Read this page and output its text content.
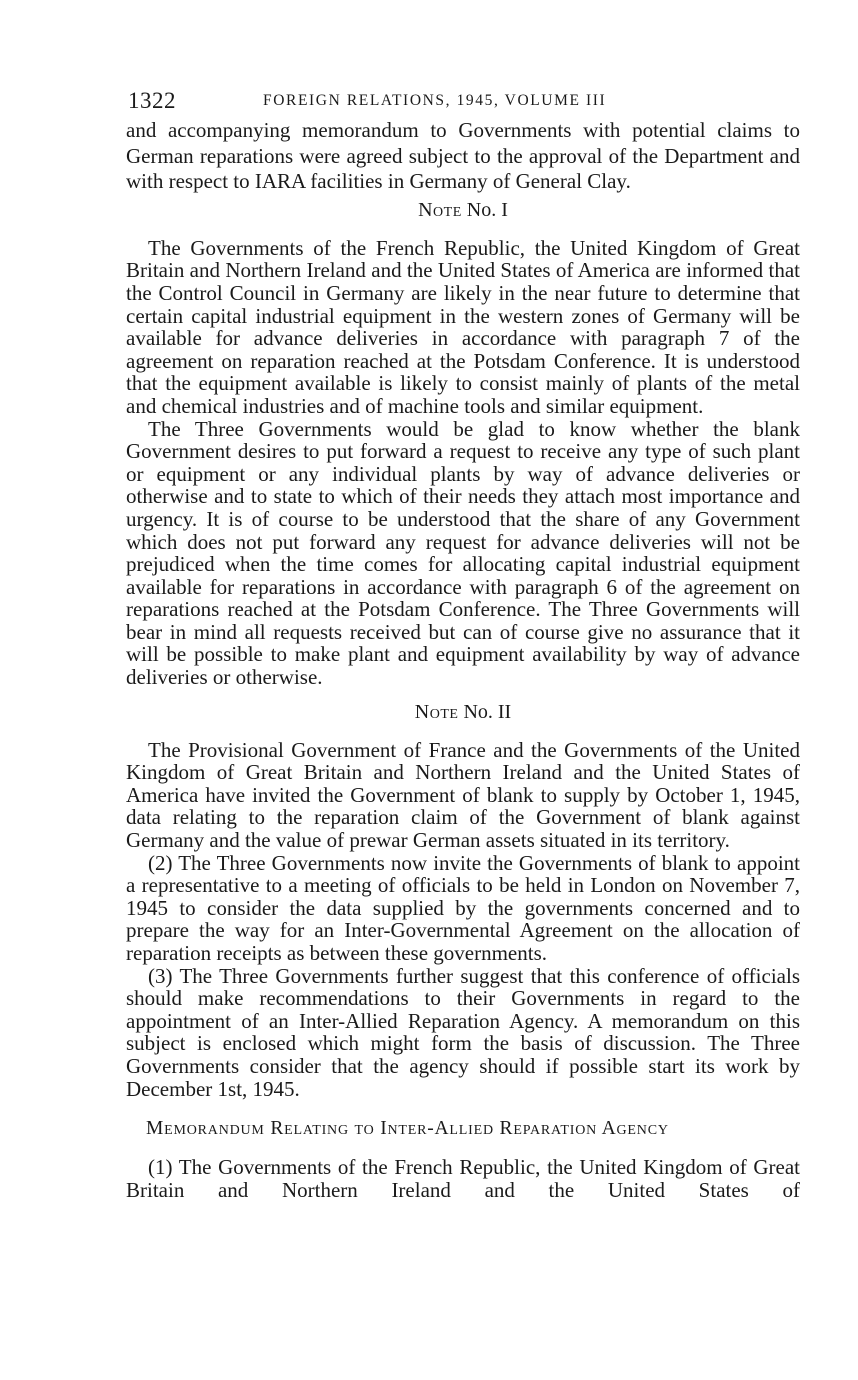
1322	FOREIGN RELATIONS, 1945, VOLUME III

and accompanying memorandum to Governments with potential claims to German reparations were agreed subject to the approval of the Department and with respect to IARA facilities in Germany of General Clay.

Note No. I

The Governments of the French Republic, the United Kingdom of Great Britain and Northern Ireland and the United States of America are informed that the Control Council in Germany are likely in the near future to determine that certain capital industrial equipment in the western zones of Germany will be available for advance deliveries in accordance with paragraph 7 of the agreement on reparation reached at the Potsdam Conference. It is understood that the equipment available is likely to consist mainly of plants of the metal and chemical industries and of machine tools and similar equipment.

The Three Governments would be glad to know whether the blank Government desires to put forward a request to receive any type of such plant or equipment or any individual plants by way of advance deliveries or otherwise and to state to which of their needs they attach most importance and urgency. It is of course to be understood that the share of any Government which does not put forward any request for advance deliveries will not be prejudiced when the time comes for allocating capital industrial equipment available for reparations in accordance with paragraph 6 of the agreement on reparations reached at the Potsdam Conference. The Three Governments will bear in mind all requests received but can of course give no assurance that it will be possible to make plant and equipment availability by way of advance deliveries or otherwise.

Note No. II

The Provisional Government of France and the Governments of the United Kingdom of Great Britain and Northern Ireland and the United States of America have invited the Government of blank to supply by October 1, 1945, data relating to the reparation claim of the Government of blank against Germany and the value of prewar German assets situated in its territory.

(2) The Three Governments now invite the Governments of blank to appoint a representative to a meeting of officials to be held in London on November 7, 1945 to consider the data supplied by the governments concerned and to prepare the way for an Inter-Governmental Agreement on the allocation of reparation receipts as between these governments.

(3) The Three Governments further suggest that this conference of officials should make recommendations to their Governments in regard to the appointment of an Inter-Allied Reparation Agency. A memorandum on this subject is enclosed which might form the basis of discussion. The Three Governments consider that the agency should if possible start its work by December 1st, 1945.

Memorandum Relating to Inter-Allied Reparation Agency

(1) The Governments of the French Republic, the United Kingdom of Great Britain and Northern Ireland and the United States of
